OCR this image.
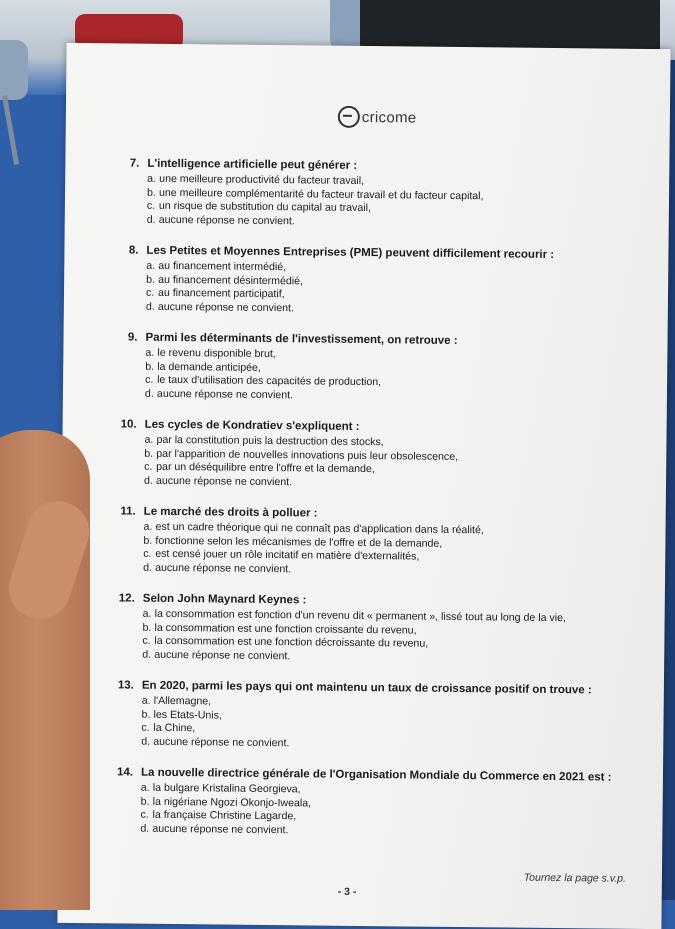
cricome
7. L'intelligence artificielle peut générer :
a. une meilleure productivité du facteur travail,
b. une meilleure complémentarité du facteur travail et du facteur capital,
c. un risque de substitution du capital au travail,
d. aucune réponse ne convient.
8. Les Petites et Moyennes Entreprises (PME) peuvent difficilement recourir :
a. au financement intermédié,
b. au financement désintermédié,
c. au financement participatif,
d. aucune réponse ne convient.
9. Parmi les déterminants de l'investissement, on retrouve :
a. le revenu disponible brut,
b. la demande anticipée,
c. le taux d'utilisation des capacités de production,
d. aucune réponse ne convient.
10. Les cycles de Kondratiev s'expliquent :
a. par la constitution puis la destruction des stocks,
b. par l'apparition de nouvelles innovations puis leur obsolescence,
c. par un déséquilibre entre l'offre et la demande,
d. aucune réponse ne convient.
11. Le marché des droits à polluer :
a. est un cadre théorique qui ne connaît pas d'application dans la réalité,
b. fonctionne selon les mécanismes de l'offre et de la demande,
c. est censé jouer un rôle incitatif en matière d'externalités,
d. aucune réponse ne convient.
12. Selon John Maynard Keynes :
a. la consommation est fonction d'un revenu dit « permanent », lissé tout au long de la vie,
b. la consommation est une fonction croissante du revenu,
c. la consommation est une fonction décroissante du revenu,
d. aucune réponse ne convient.
13. En 2020, parmi les pays qui ont maintenu un taux de croissance positif on trouve :
a. l'Allemagne,
b. les Etats-Unis,
c. la Chine,
d. aucune réponse ne convient.
14. La nouvelle directrice générale de l'Organisation Mondiale du Commerce en 2021 est :
a. la bulgare Kristalina Georgieva,
b. la nigériane Ngozi Okonjo-Iweala,
c. la française Christine Lagarde,
d. aucune réponse ne convient.
Tournez la page s.v.p.
- 3 -
